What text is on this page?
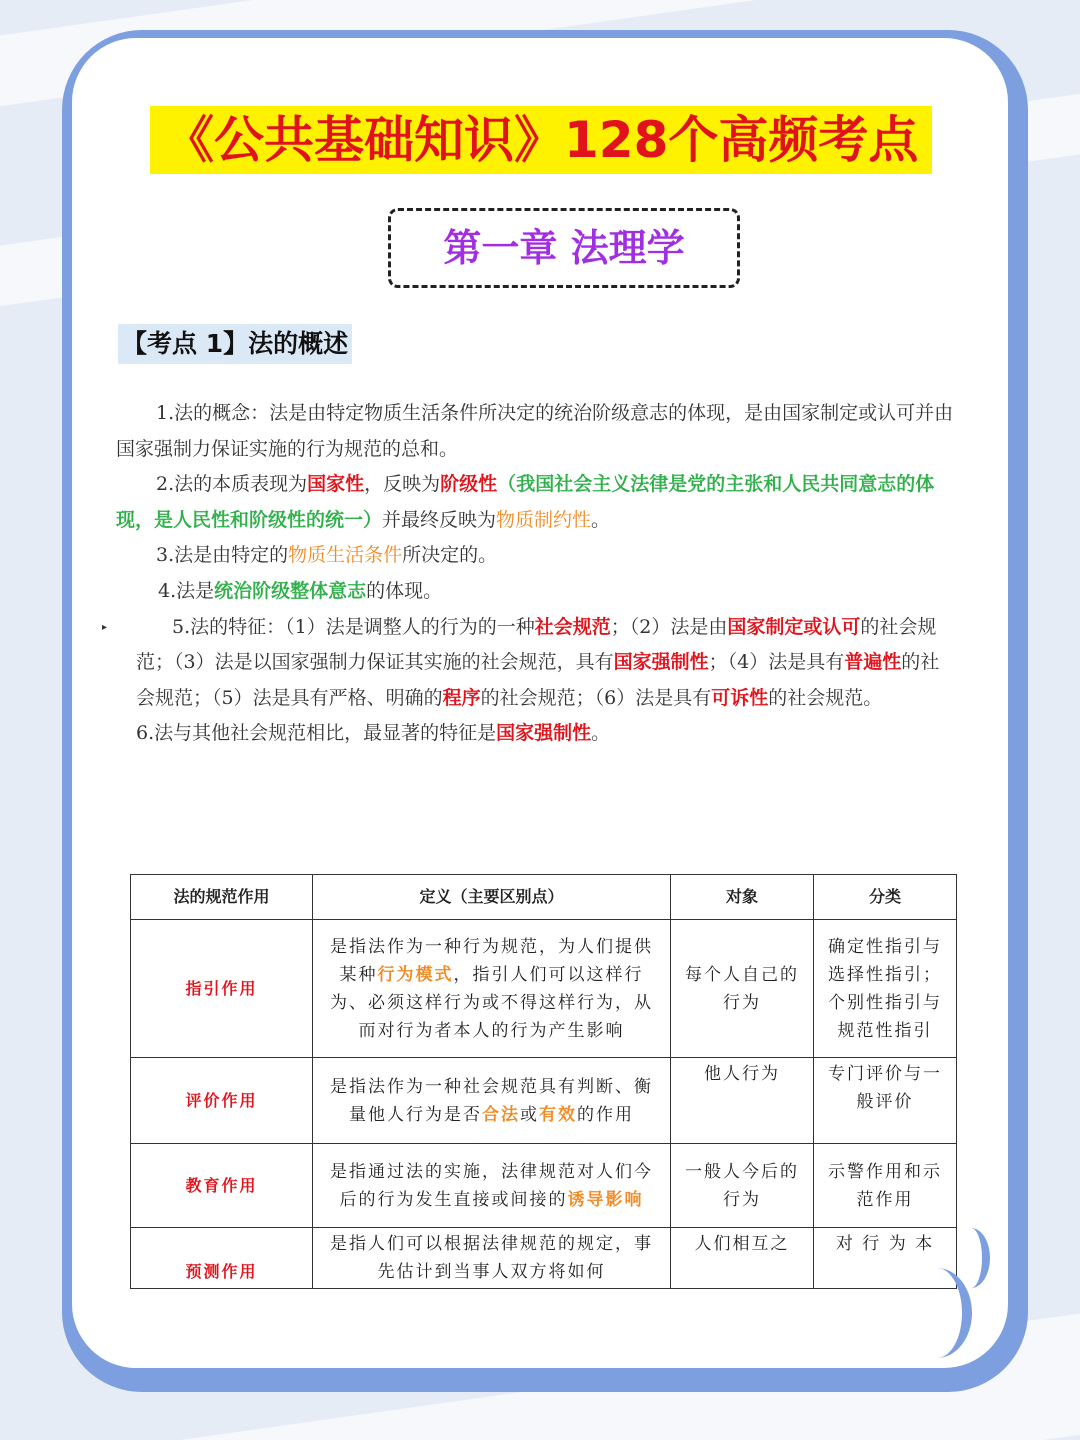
《公共基础知识》128个高频考点
第一章 法理学
【考点 1】法的概述
▸

1.法的概念：法是由特定物质生活条件所决定的统治阶级意志的体现，是由国家制定或认可并由国家强制力保证实施的行为规范的总和。

2.法的本质表现为国家性，反映为阶级性（我国社会主义法律是党的主张和人民共同意志的体现，是人民性和阶级性的统一）并最终反映为物质制约性。

3.法是由特定的物质生活条件所决定的。

4.法是统治阶级整体意志的体现。

5.法的特征：（1）法是调整人的行为的一种社会规范；（2）法是由国家制定或认可的社会规范；（3）法是以国家强制力保证其实施的社会规范，具有国家强制性；（4）法是具有普遍性的社会规范；（5）法是具有严格、明确的程序的社会规范；（6）法是具有可诉性的社会规范。

6.法与其他社会规范相比，最显著的特征是国家强制性。

法的规范作用	定义（主要区别点）	对象	分类
指引作用	是指法作为一种行为规范，为人们提供某种行为模式，指引人们可以这样行为、必须这样行为或不得这样行为，从而对行为者本人的行为产生影响	每个人自己的行为	确定性指引与选择性指引；个别性指引与规范性指引
评价作用	是指法作为一种社会规范具有判断、衡量他人行为是否合法或有效的作用	他人行为	专门评价与一般评价
教育作用	是指通过法的实施，法律规范对人们今后的行为发生直接或间接的诱导影响	一般人今后的行为	示警作用和示范作用
预测作用	是指人们可以根据法律规范的规定，事先估计到当事人双方将如何	人们相互之	对 行 为 本
